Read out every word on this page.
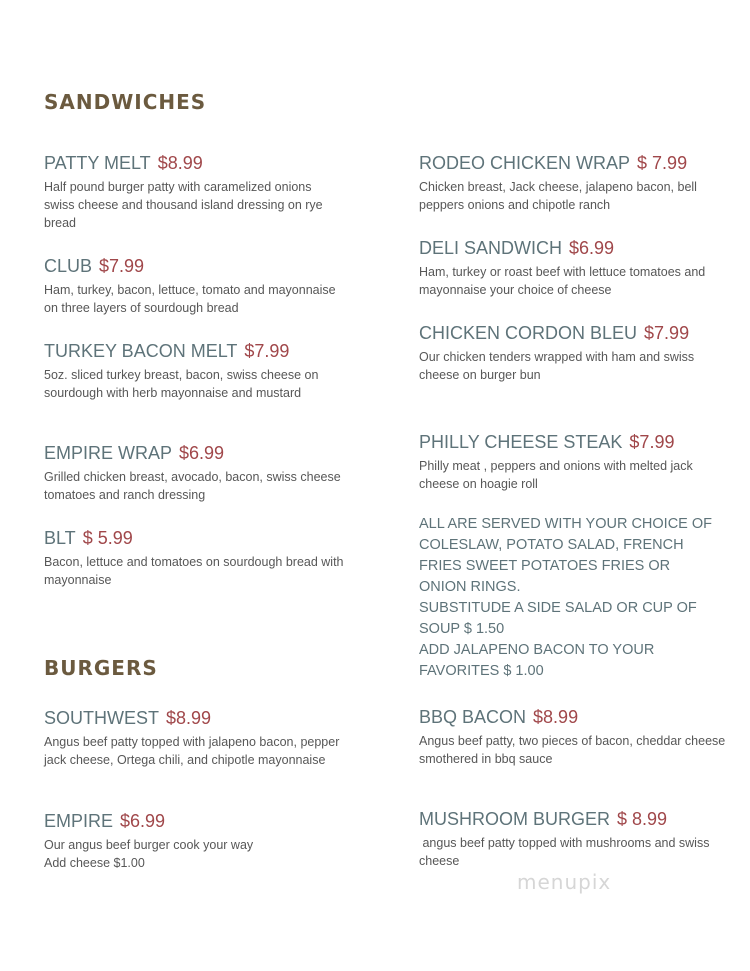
SANDWICHES
PATTY MELT $8.99
Half pound burger patty with caramelized onions swiss cheese and thousand island dressing on rye bread
CLUB $7.99
Ham, turkey, bacon, lettuce, tomato and mayonnaise on three layers of sourdough bread
TURKEY BACON MELT $7.99
5oz. sliced turkey breast, bacon, swiss cheese on sourdough with herb mayonnaise and mustard
EMPIRE WRAP $6.99
Grilled chicken breast, avocado, bacon, swiss cheese tomatoes and ranch dressing
BLT $ 5.99
Bacon, lettuce and tomatoes on sourdough bread with mayonnaise
RODEO CHICKEN WRAP $ 7.99
Chicken breast, Jack cheese, jalapeno bacon, bell peppers onions and chipotle ranch
DELI SANDWICH $6.99
Ham, turkey or roast beef with lettuce tomatoes and mayonnaise your choice of cheese
CHICKEN CORDON BLEU $7.99
Our chicken tenders wrapped with ham and swiss cheese on burger bun
PHILLY CHEESE STEAK $7.99
Philly meat , peppers and onions with melted jack cheese on hoagie roll
ALL ARE SERVED WITH YOUR CHOICE OF COLESLAW, POTATO SALAD, FRENCH FRIES SWEET POTATOES FRIES OR ONION RINGS.
SUBSTITUDE A SIDE SALAD OR CUP OF SOUP $ 1.50
ADD JALAPENO BACON TO YOUR FAVORITES $ 1.00
BURGERS
SOUTHWEST $8.99
Angus beef patty topped with jalapeno bacon, pepper jack cheese, Ortega chili, and chipotle mayonnaise
EMPIRE $6.99
Our angus beef burger cook your way
Add cheese $1.00
BBQ BACON $8.99
Angus beef patty, two pieces of bacon, cheddar cheese smothered in bbq sauce
MUSHROOM BURGER $ 8.99
angus beef patty topped with mushrooms and swiss cheese
menupix
